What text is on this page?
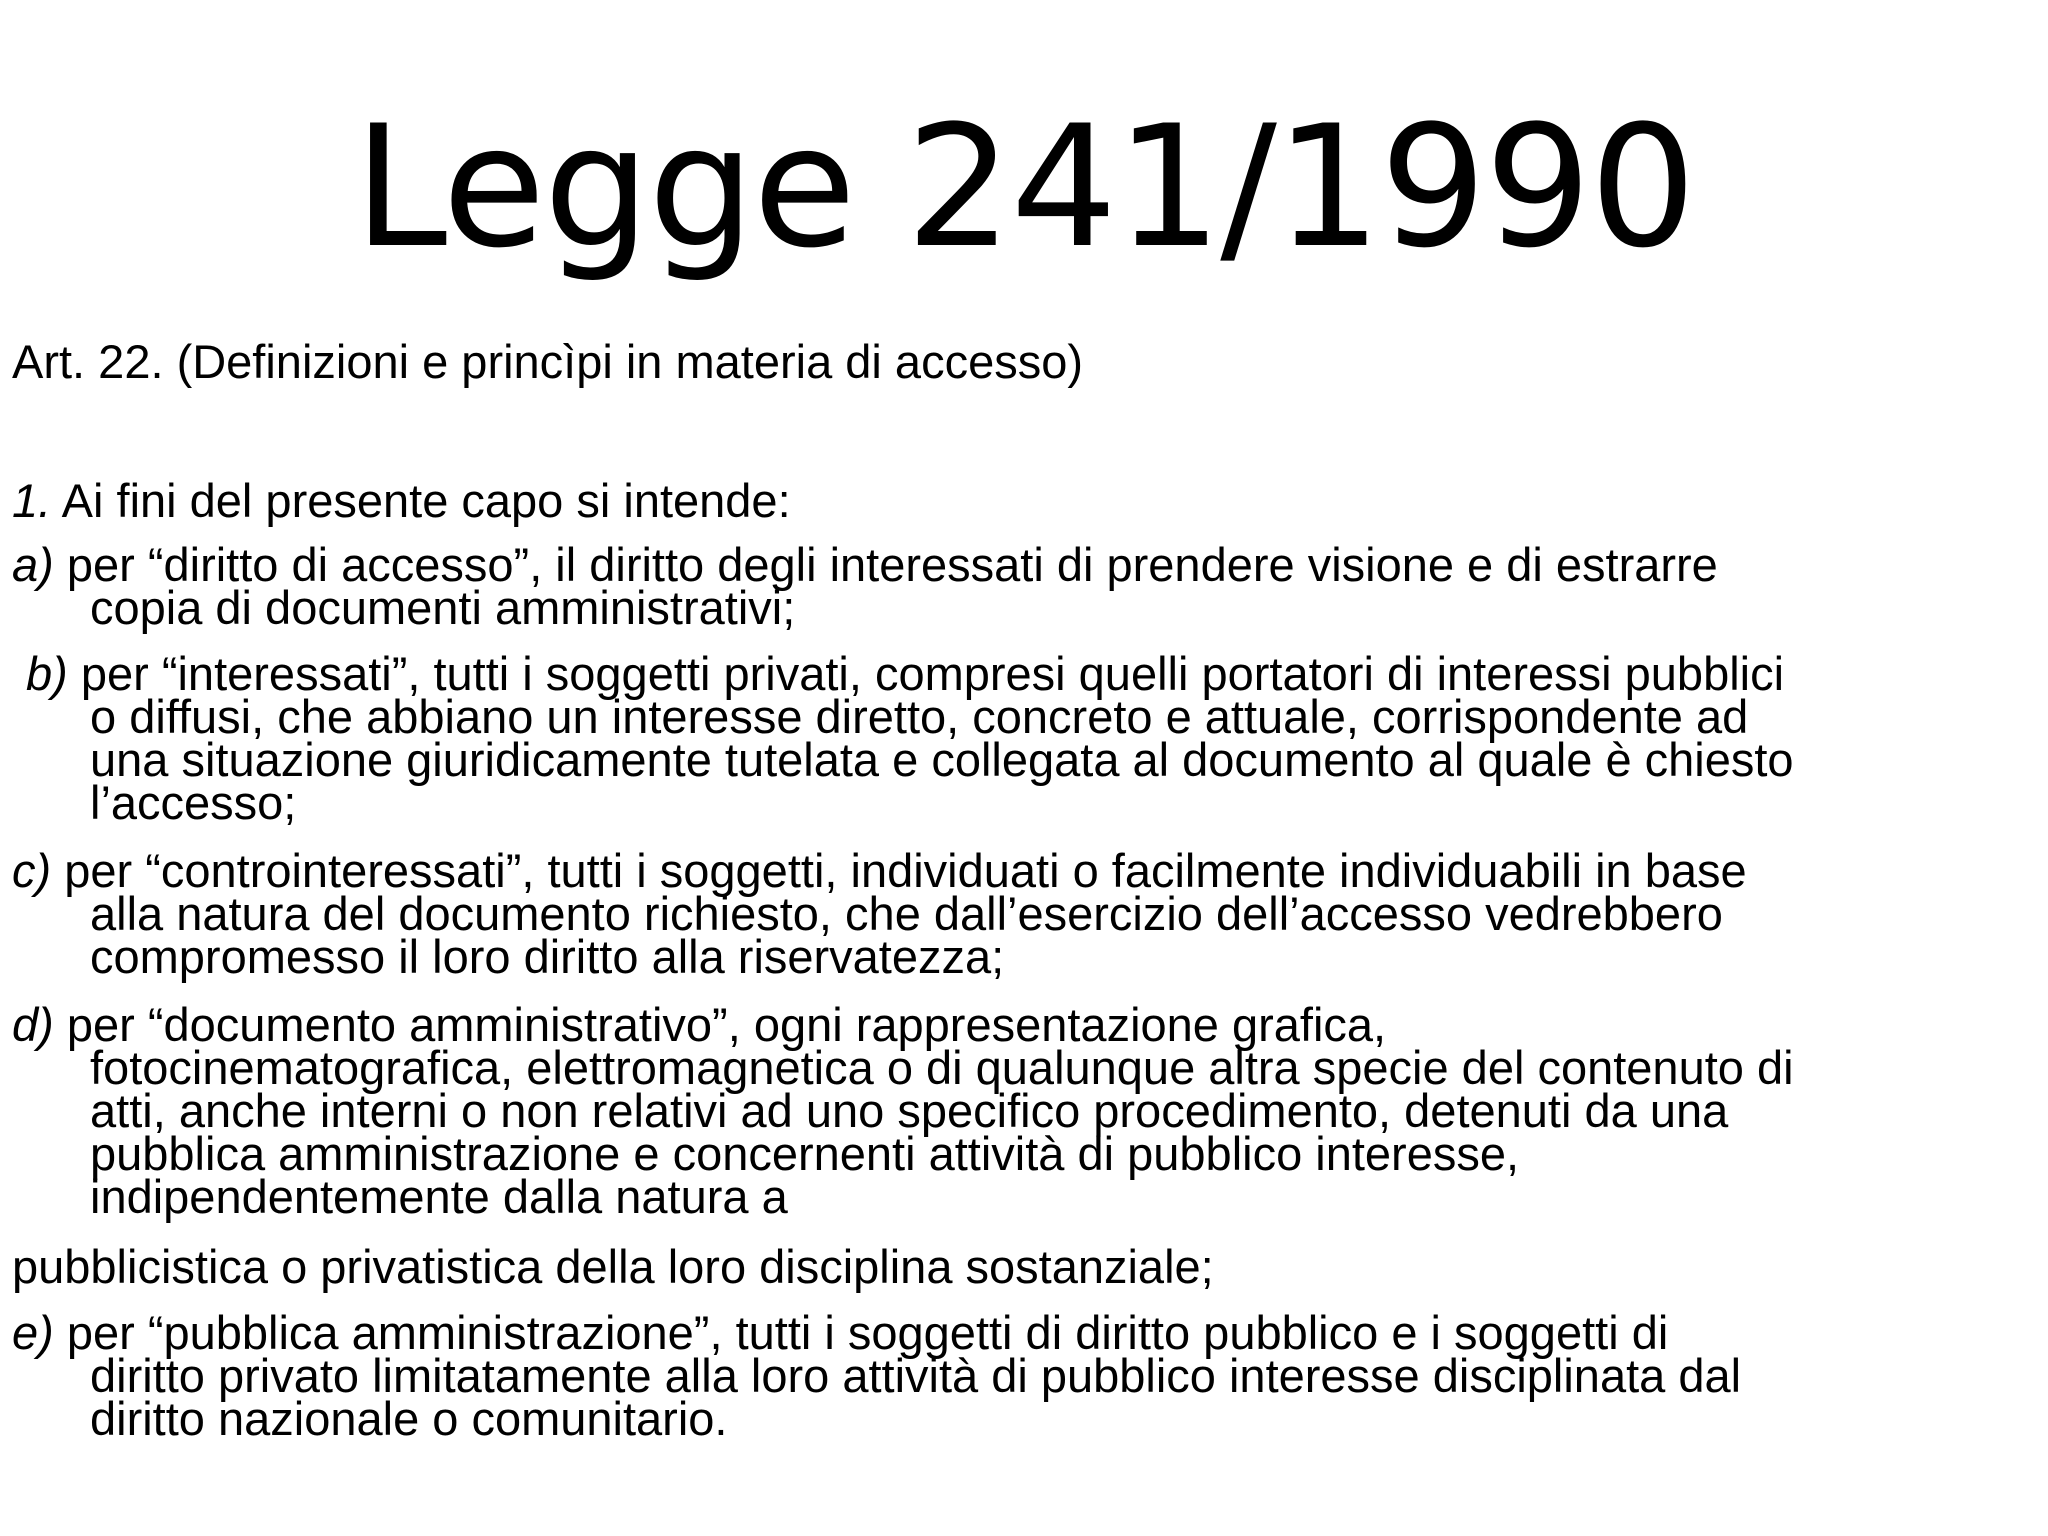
Legge 241/1990
Art. 22. (Definizioni e princìpi in materia di accesso)
1. Ai fini del presente capo si intende:
a) per “diritto di accesso”, il diritto degli interessati di prendere visione e di estrarre
copia di documenti amministrativi;
b) per “interessati”, tutti i soggetti privati, compresi quelli portatori di interessi pubblici
o diffusi, che abbiano un interesse diretto, concreto e attuale, corrispondente ad
una situazione giuridicamente tutelata e collegata al documento al quale è chiesto
l’accesso;
c) per “controinteressati”, tutti i soggetti, individuati o facilmente individuabili in base
alla natura del documento richiesto, che dall’esercizio dell’accesso vedrebbero
compromesso il loro diritto alla riservatezza;
d) per “documento amministrativo”, ogni rappresentazione grafica,
fotocinematografica, elettromagnetica o di qualunque altra specie del contenuto di
atti, anche interni o non relativi ad uno specifico procedimento, detenuti da una
pubblica amministrazione e concernenti attività di pubblico interesse,
indipendentemente dalla natura a
pubblicistica o privatistica della loro disciplina sostanziale;
e) per “pubblica amministrazione”, tutti i soggetti di diritto pubblico e i soggetti di
diritto privato limitatamente alla loro attività di pubblico interesse disciplinata dal
diritto nazionale o comunitario.
